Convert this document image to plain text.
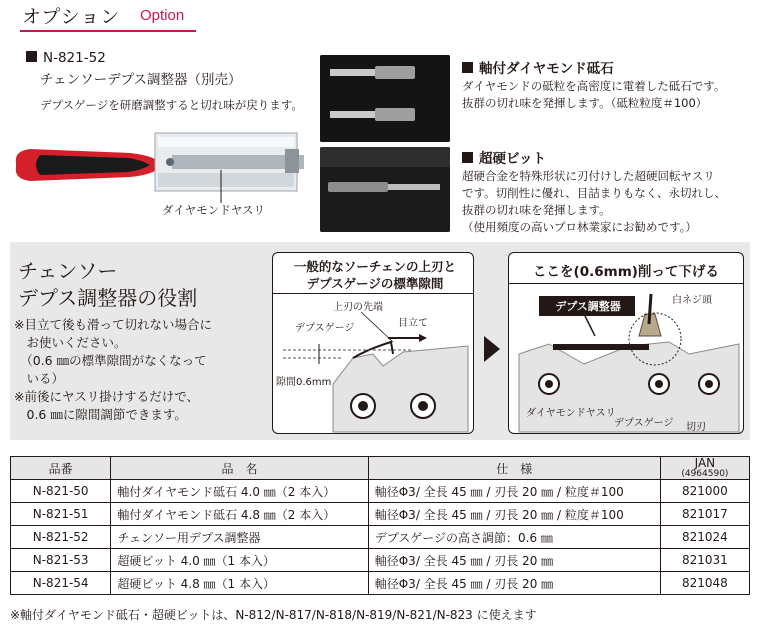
オプション Option
N-821-52
チェンソーデプス調整器（別売）
デプスゲージを研磨調整すると切れ味が戻ります。
ダイヤモンドヤスリ
軸付ダイヤモンド砥石
ダイヤモンドの砥粒を高密度に電着した砥石です。
抜群の切れ味を発揮します。（砥粒粒度＃100）
超硬ビット
超硬合金を特殊形状に刃付けした超硬回転ヤスリ
です。切削性に優れ、目詰まりもなく、永切れし、
抜群の切れ味を発揮します。
（使用頻度の高いプロ林業家にお勧めです。）
チェンソー
デプス調整器の役割
※目立て後も滑って切れない場合に
　お使いください。
　（0.6 ㎜の標準隙間がなくなって
　いる）
※前後にヤスリ掛けするだけで、
　0.6 ㎜に隙間調節できます。
一般的なソーチェンの上刃と
デプスゲージの標準隙間
上刃の先端
デプスゲージ	目立て
隙間0.6mm
ここを(0.6mm)削って下げる
デプス調整器	白ネジ頭
ダイヤモンドヤスリ
デプスゲージ 切刃
品番	品　名	仕　様	JAN
(4964590)

N-821-50	軸付ダイヤモンド砥石 4.0 ㎜（2 本入）	軸径Φ3/ 全長 45 ㎜ / 刃長 20 ㎜ / 粒度＃100	821000
N-821-51	軸付ダイヤモンド砥石 4.8 ㎜（2 本入）	軸径Φ3/ 全長 45 ㎜ / 刃長 20 ㎜ / 粒度＃100	821017
N-821-52	チェンソー用デプス調整器	デプスゲージの高さ調節：0.6 ㎜	821024
N-821-53	超硬ビット 4.0 ㎜（1 本入）	軸径Φ3/ 全長 45 ㎜ / 刃長 20 ㎜	821031
N-821-54	超硬ビット 4.8 ㎜（1 本入）	軸径Φ3/ 全長 45 ㎜ / 刃長 20 ㎜	821048
※軸付ダイヤモンド砥石・超硬ビットは、N-812/N-817/N-818/N-819/N-821/N-823 に使えます
